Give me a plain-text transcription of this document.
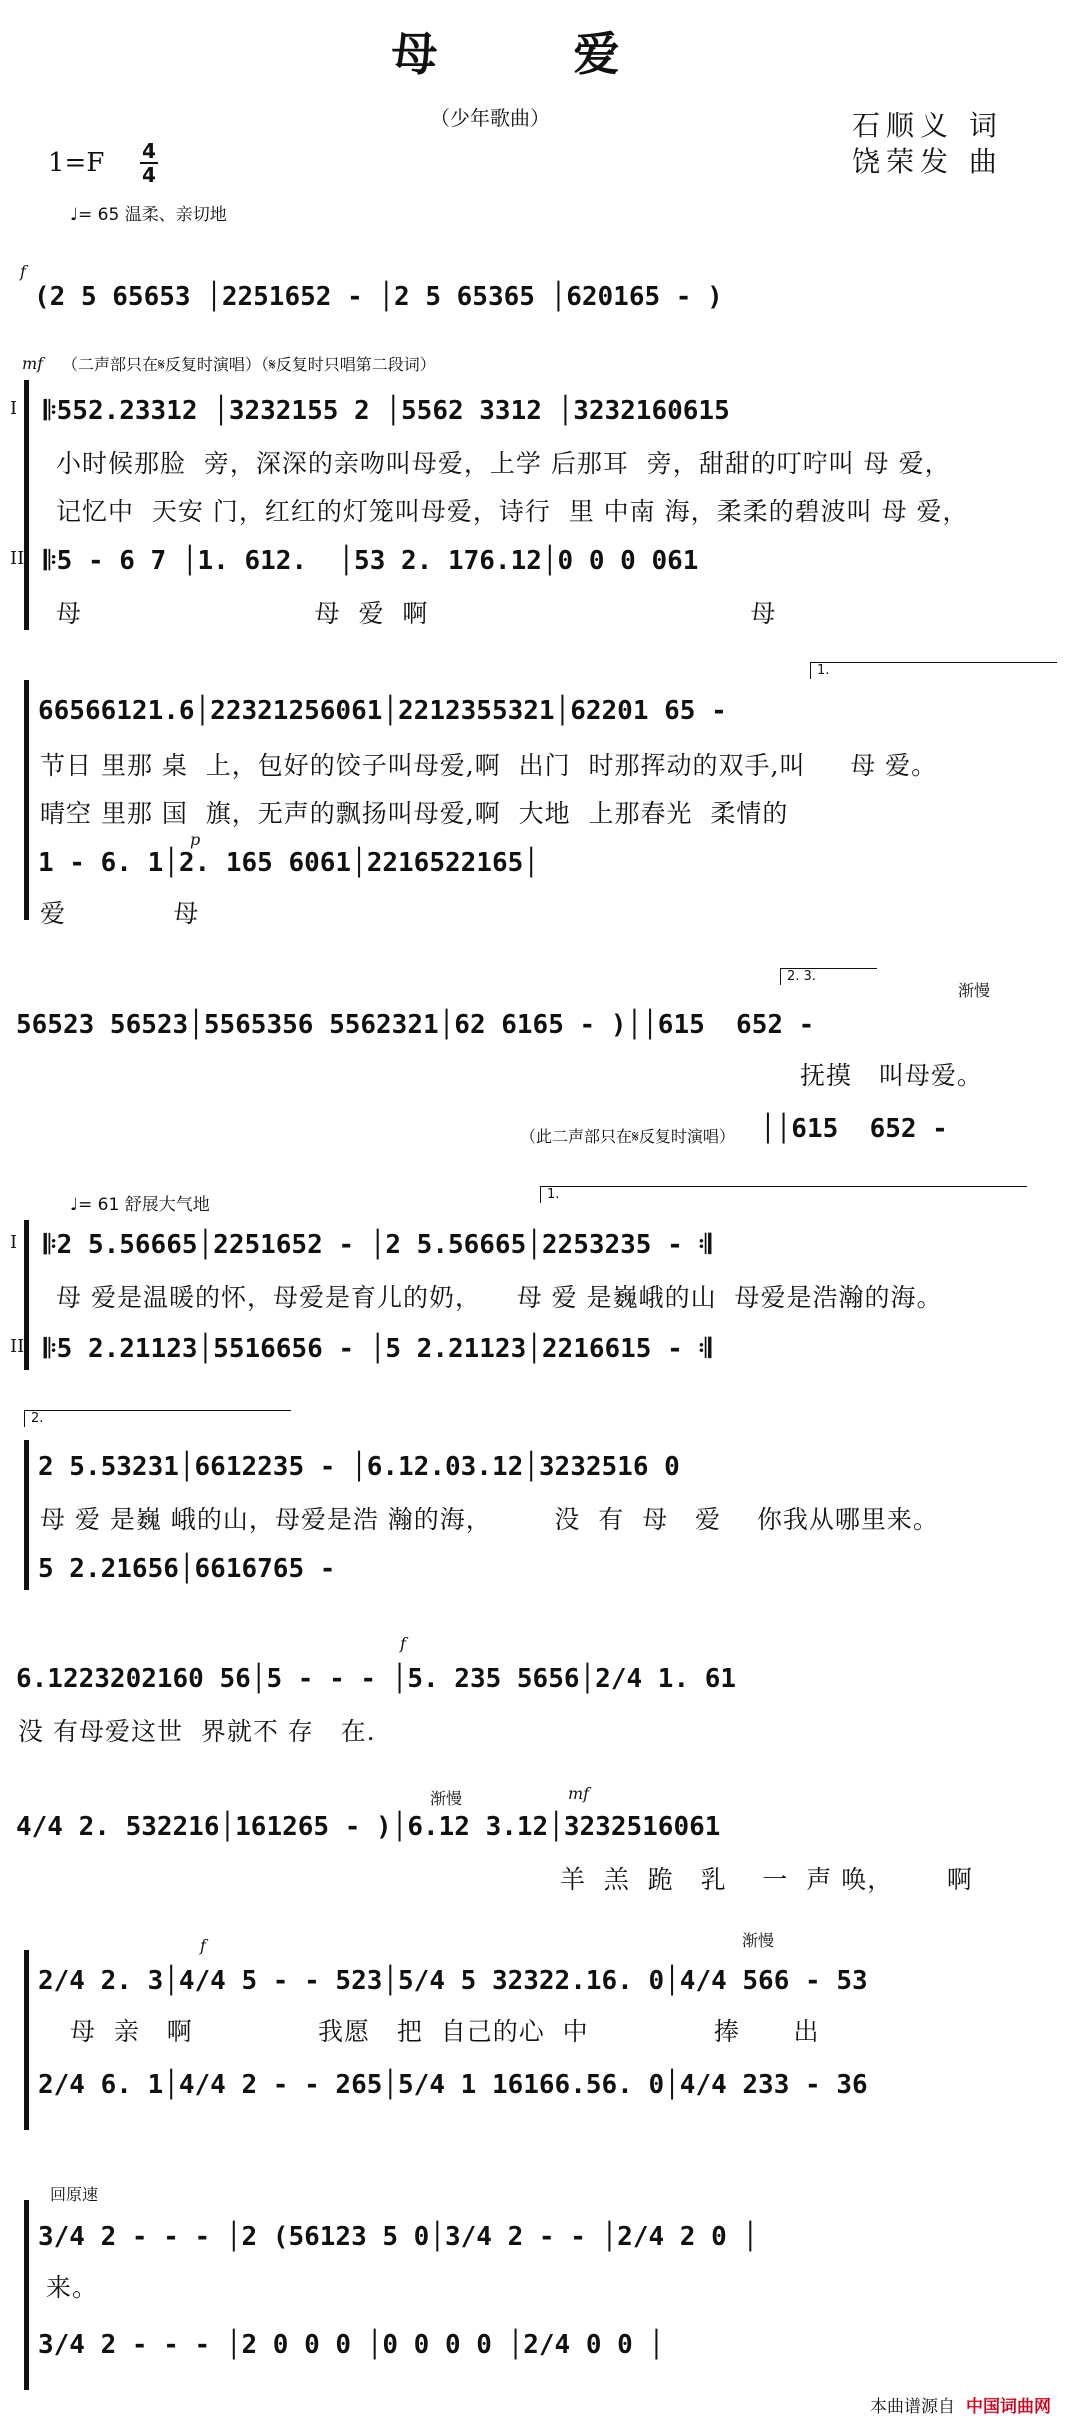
母 爱
（少年歌曲）	石顺义 词
饶荣发 曲
1=F 4
4
♩= 65 温柔、亲切地
f
(2 5 65653 │2251652 - │2 5 65365 │620165 - )
mf （二声部只在𝄋反复时演唱）（𝄋反复时只唱第二段词）
I 𝄆552.23312 │3232155 2 │5562 3312 │3232160615
小时候那脸  旁，深深的亲吻叫母爱，上学 后那耳  旁，甜甜的叮咛叫 母 爱，
记忆中  天安 门，红红的灯笼叫母爱，诗行  里 中南 海，柔柔的碧波叫 母 爱，
II 𝄆5 - 6 7 │1. 612.  │53 2. 176.12│0 0 0 061
母                          母  爱  啊                                    母
1.
66566121.6│22321256061│2212355321│62201 65 -
节日 里那 桌  上，包好的饺子叫母爱,啊  出门  时那挥动的双手,叫     母 爱。
晴空 里那 国  旗，无声的飘扬叫母爱,啊  大地  上那春光  柔情的
p
1 - 6. 1│2. 165 6061│2216522165│
爱            母
2. 3.
渐慢
56523 56523│5565356 5562321│62 6165 - )││615  652 -
抚摸   叫母爱。
（此二声部只在𝄋反复时演唱） ││615  652 -
♩= 61 舒展大气地
1.
I 𝄆2 5.56665│2251652 - │2 5.56665│2253235 - 𝄇
母 爱是温暖的怀，母爱是育儿的奶，    母 爱 是巍峨的山  母爱是浩瀚的海。
II 𝄆5 2.21123│5516656 - │5 2.21123│2216615 - 𝄇
2.
2 5.53231│6612235 - │6.12.03.12│3232516 0
母 爱 是巍 峨的山，母爱是浩 瀚的海，       没  有  母   爱    你我从哪里来。
5 2.21656│6616765 -
f
6.1223202160 56│5 - - - │5. 235 5656│2/4 1. 61
没 有母爱这世  界就不 存   在.
渐慢	mf
4/4 2. 532216│161265 - )│6.12 3.12│3232516061
羊  羔  跪   乳    一  声 唤，      啊
渐慢
f
2/4 2. 3│4/4 5 - - 523│5/4 5 32322.16. 0│4/4 566 - 53
母  亲   啊              我愿   把  自己的心  中              捧      出
2/4 6. 1│4/4 2 - - 265│5/4 1 16166.56. 0│4/4 233 - 36
回原速
3/4 2 - - - │2 (56123 5 0│3/4 2 - - │2/4 2 0 │
来。
3/4 2 - - - │2 0 0 0 │0 0 0 0 │2/4 0 0 │
本曲谱源自 中国词曲网
